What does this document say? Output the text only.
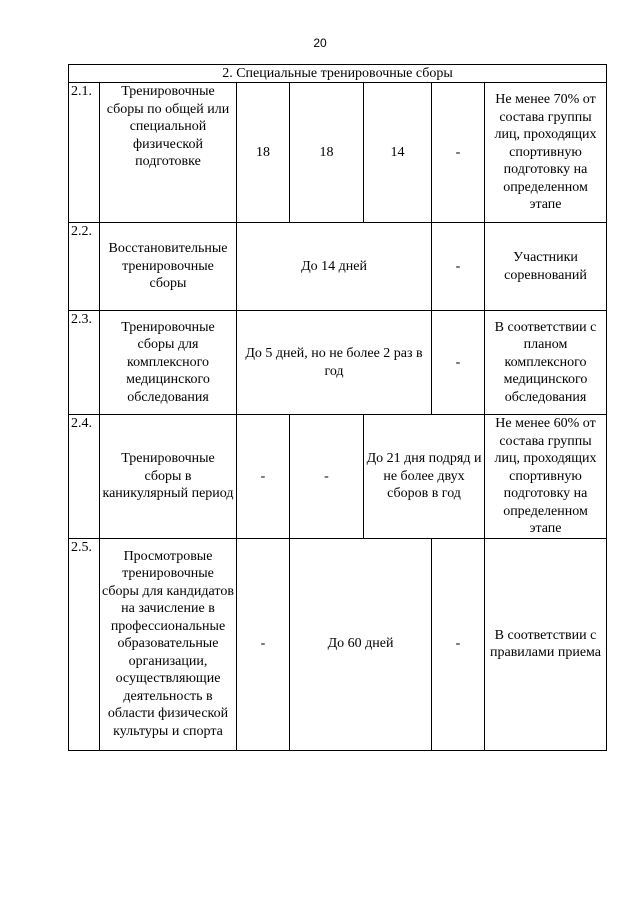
20
2. Специальные тренировочные сборы						
2.1.	Тренировочные сборы по общей или специальной физической подготовке	18	18	14	-	Не менее 70% от состава группы лиц, проходящих спортивную подготовку на определенном этапе
2.2.	Восстановительные тренировочные сборы	До 14 дней			-	Участники соревнований
2.3.	Тренировочные сборы для комплексного медицинского обследования	До 5 дней, но не более 2 раз в год			-	В соответствии с планом комплексного медицинского обследования
2.4.	Тренировочные сборы в каникулярный период	-	-	До 21 дня подряд и не более двух сборов в год		Не менее 60% от состава группы лиц, проходящих спортивную подготовку на определенном этапе
2.5.	Просмотровые тренировочные сборы для кандидатов на зачисление в профессиональные образовательные организации, осуществляющие деятельность в области физической культуры и спорта	-	До 60 дней		-	В соответствии с правилами приема
